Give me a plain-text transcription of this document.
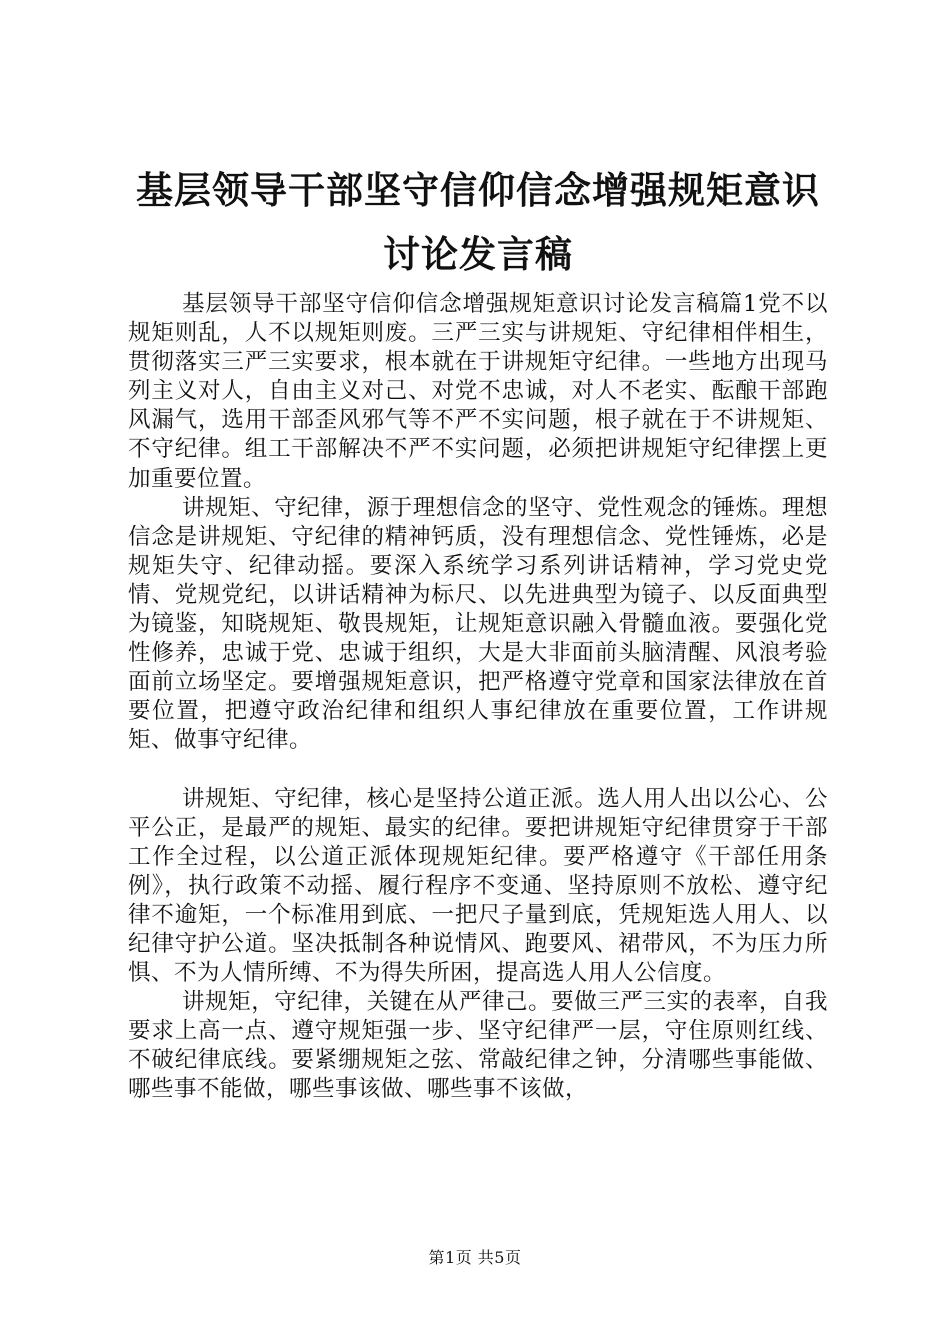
基层领导干部坚守信仰信念增强规矩意识讨论发言稿

基层领导干部坚守信仰信念增强规矩意识讨论发言稿篇1党不以规矩则乱，人不以规矩则废。三严三实与讲规矩、守纪律相伴相生，贯彻落实三严三实要求，根本就在于讲规矩守纪律。一些地方出现马列主义对人，自由主义对己、对党不忠诚，对人不老实、酝酿干部跑风漏气，选用干部歪风邪气等不严不实问题，根子就在于不讲规矩、不守纪律。组工干部解决不严不实问题，必须把讲规矩守纪律摆上更加重要位置。

讲规矩、守纪律，源于理想信念的坚守、党性观念的锤炼。理想信念是讲规矩、守纪律的精神钙质，没有理想信念、党性锤炼，必是规矩失守、纪律动摇。要深入系统学习系列讲话精神，学习党史党情、党规党纪，以讲话精神为标尺、以先进典型为镜子、以反面典型为镜鉴，知晓规矩、敬畏规矩，让规矩意识融入骨髓血液。要强化党性修养，忠诚于党、忠诚于组织，大是大非面前头脑清醒、风浪考验面前立场坚定。要增强规矩意识，把严格遵守党章和国家法律放在首要位置，把遵守政治纪律和组织人事纪律放在重要位置，工作讲规矩、做事守纪律。

讲规矩、守纪律，核心是坚持公道正派。选人用人出以公心、公平公正，是最严的规矩、最实的纪律。要把讲规矩守纪律贯穿于干部工作全过程，以公道正派体现规矩纪律。要严格遵守《干部任用条例》，执行政策不动摇、履行程序不变通、坚持原则不放松、遵守纪律不逾矩，一个标准用到底、一把尺子量到底，凭规矩选人用人、以纪律守护公道。坚决抵制各种说情风、跑要风、裙带风，不为压力所惧、不为人情所缚、不为得失所困，提高选人用人公信度。

讲规矩，守纪律，关键在从严律己。要做三严三实的表率，自我要求上高一点、遵守规矩强一步、坚守纪律严一层，守住原则红线、不破纪律底线。要紧绷规矩之弦、常敲纪律之钟，分清哪些事能做、哪些事不能做，哪些事该做、哪些事不该做，

第1页 共5页
